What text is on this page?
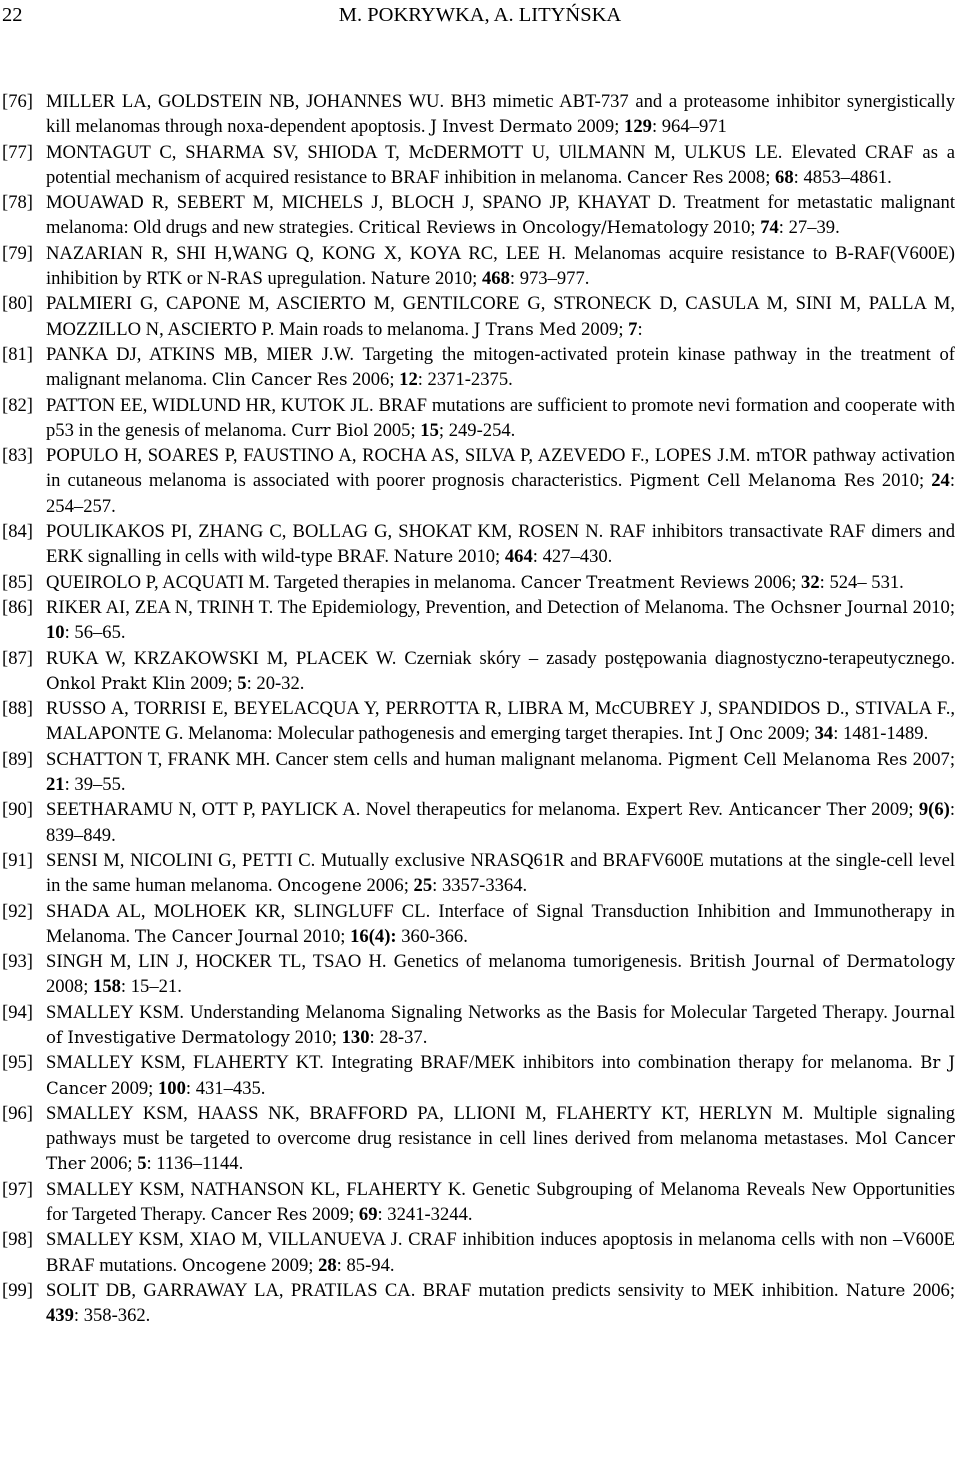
22	M. POKRYWKA, A. LITYŃSKA
[76] MILLER LA, GOLDSTEIN NB, JOHANNES WU. BH3 mimetic ABT-737 and a proteasome inhibitor synergistically kill melanomas through noxa-dependent apoptosis. J Invest Dermato 2009; 129: 964–971
[77] MONTAGUT C, SHARMA SV, SHIODA T, McDERMOTT U, UlLMANN M, ULKUS LE. Elevated CRAF as a potential mechanism of acquired resistance to BRAF inhibition in melanoma. Cancer Res 2008; 68: 4853–4861.
[78] MOUAWAD R, SEBERT M, MICHELS J, BLOCH J, SPANO JP, KHAYAT D. Treatment for metastatic malignant melanoma: Old drugs and new strategies. Critical Reviews in Oncology/Hematology 2010; 74: 27–39.
[79] NAZARIAN R, SHI H,WANG Q, KONG X, KOYA RC, LEE H. Melanomas acquire resistance to B-RAF(V600E) inhibition by RTK or N-RAS upregulation. Nature 2010; 468: 973–977.
[80] PALMIERI G, CAPONE M, ASCIERTO M, GENTILCORE G, STRONECK D, CASULA M, SINI M, PALLA M, MOZZILLO N, ASCIERTO P. Main roads to melanoma. J Trans Med 2009; 7:
[81] PANKA DJ, ATKINS MB, MIER J.W. Targeting the mitogen-activated protein kinase pathway in the treatment of malignant melanoma. Clin Cancer Res 2006; 12: 2371-2375.
[82] PATTON EE, WIDLUND HR, KUTOK JL. BRAF mutations are sufficient to promote nevi formation and cooperate with p53 in the genesis of melanoma. Curr Biol 2005; 15; 249-254.
[83] POPULO H, SOARES P, FAUSTINO A, ROCHA AS, SILVA P, AZEVEDO F., LOPES J.M. mTOR pathway activation in cutaneous melanoma is associated with poorer prognosis characteristics. Pigment Cell Melanoma Res 2010; 24: 254–257.
[84] POULIKAKOS PI, ZHANG C, BOLLAG G, SHOKAT KM, ROSEN N. RAF inhibitors transactivate RAF dimers and ERK signalling in cells with wild-type BRAF. Nature 2010; 464: 427–430.
[85] QUEIROLO P, ACQUATI M. Targeted therapies in melanoma. Cancer Treatment Reviews 2006; 32: 524– 531.
[86] RIKER AI, ZEA N, TRINH T. The Epidemiology, Prevention, and Detection of Melanoma. The Ochsner Journal 2010; 10: 56–65.
[87] RUKA W, KRZAKOWSKI M, PLACEK W. Czerniak skóry – zasady postępowania diagnostyczno-terapeutycznego. Onkol Prakt Klin 2009; 5: 20-32.
[88] RUSSO A, TORRISI E, BEYELACQUA Y, PERROTTA R, LIBRA M, McCUBREY J, SPANDIDOS D., STIVALA F., MALAPONTE G. Melanoma: Molecular pathogenesis and emerging target therapies. Int J Onc 2009; 34: 1481-1489.
[89] SCHATTON T, FRANK MH. Cancer stem cells and human malignant melanoma. Pigment Cell Melanoma Res 2007; 21: 39–55.
[90] SEETHARAMU N, OTT P, PAYLICK A. Novel therapeutics for melanoma. Expert Rev. Anticancer Ther 2009; 9(6): 839–849.
[91] SENSI M, NICOLINI G, PETTI C. Mutually exclusive NRASQ61R and BRAFV600E mutations at the single-cell level in the same human melanoma. Oncogene 2006; 25: 3357-3364.
[92] SHADA AL, MOLHOEK KR, SLINGLUFF CL. Interface of Signal Transduction Inhibition and Immunotherapy in Melanoma. The Cancer Journal 2010; 16(4): 360-366.
[93] SINGH M, LIN J, HOCKER TL, TSAO H. Genetics of melanoma tumorigenesis. British Journal of Dermatology 2008; 158: 15–21.
[94] SMALLEY KSM. Understanding Melanoma Signaling Networks as the Basis for Molecular Targeted Therapy. Journal of Investigative Dermatology 2010; 130: 28-37.
[95] SMALLEY KSM, FLAHERTY KT. Integrating BRAF/MEK inhibitors into combination therapy for melanoma. Br J Cancer 2009; 100: 431–435.
[96] SMALLEY KSM, HAASS NK, BRAFFORD PA, LLIONI M, FLAHERTY KT, HERLYN M. Multiple signaling pathways must be targeted to overcome drug resistance in cell lines derived from melanoma metastases. Mol Cancer Ther 2006; 5: 1136–1144.
[97] SMALLEY KSM, NATHANSON KL, FLAHERTY K. Genetic Subgrouping of Melanoma Reveals New Opportunities for Targeted Therapy. Cancer Res 2009; 69: 3241-3244.
[98] SMALLEY KSM, XIAO M, VILLANUEVA J. CRAF inhibition induces apoptosis in melanoma cells with non –V600E BRAF mutations. Oncogene 2009; 28: 85-94.
[99] SOLIT DB, GARRAWAY LA, PRATILAS CA. BRAF mutation predicts sensivity to MEK inhibition. Nature 2006; 439: 358-362.
